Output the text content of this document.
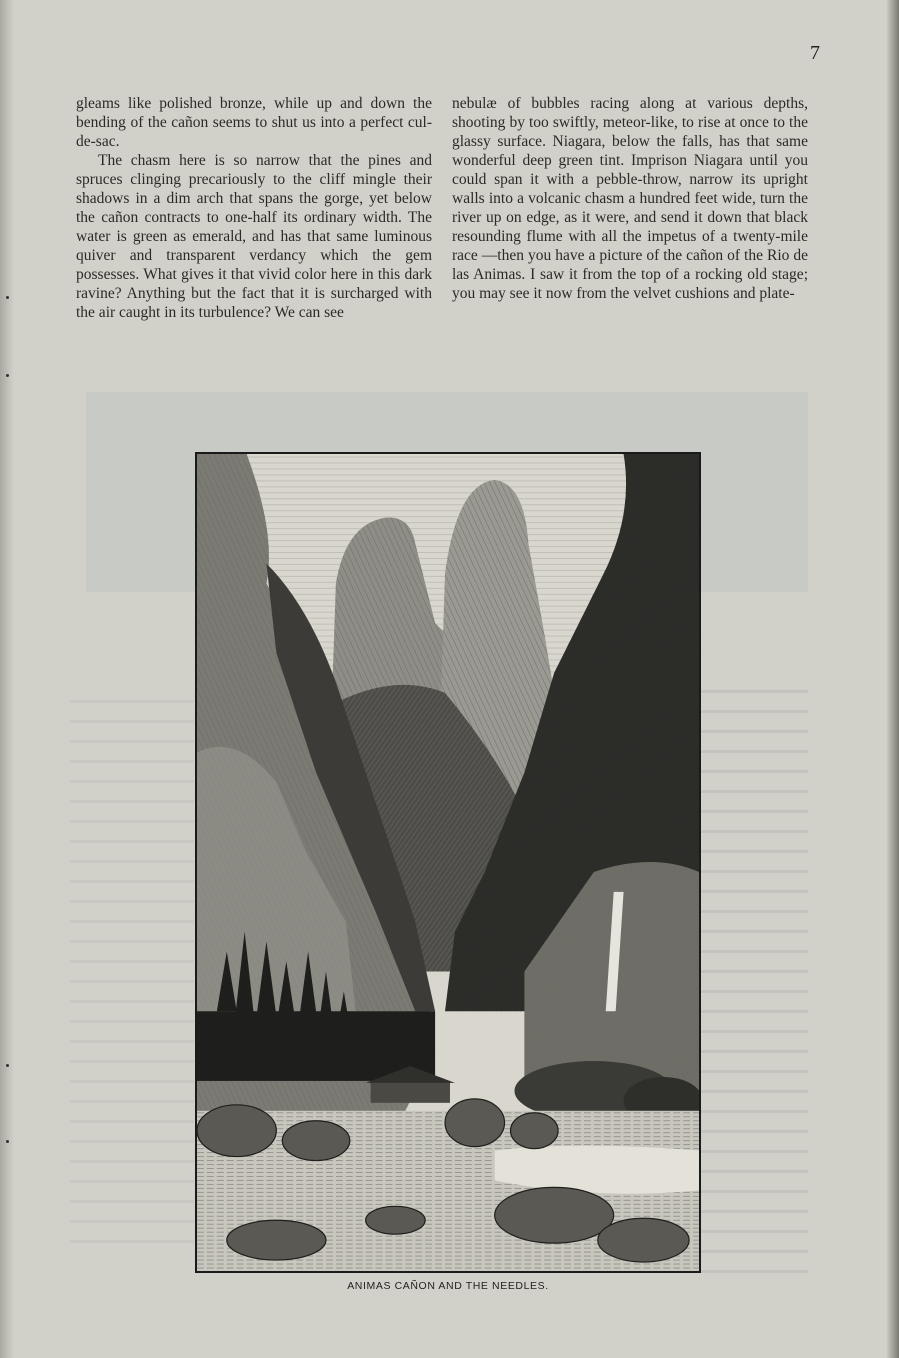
7

gleams like polished bronze, while up and down the bending of the cañon seems to shut us into a perfect cul-de-sac.

The chasm here is so narrow that the pines and spruces clinging precariously to the cliff mingle their shadows in a dim arch that spans the gorge, yet below the cañon contracts to one-half its ordinary width. The water is green as emerald, and has that same luminous quiver and transparent verdancy which the gem possesses. What gives it that vivid color here in this dark ravine? Anything but the fact that it is surcharged with the air caught in its turbulence? We can see

nebulæ of bubbles racing along at various depths, shooting by too swiftly, meteor-like, to rise at once to the glassy surface. Niagara, below the falls, has that same wonderful deep green tint. Imprison Niagara until you could span it with a pebble-throw, narrow its upright walls into a volcanic chasm a hundred feet wide, turn the river up on edge, as it were, and send it down that black resounding flume with all the impetus of a twenty-mile race —then you have a picture of the cañon of the Rio de las Animas. I saw it from the top of a rocking old stage; you may see it now from the velvet cushions and plate-

ANIMAS CAÑON AND THE NEEDLES.
